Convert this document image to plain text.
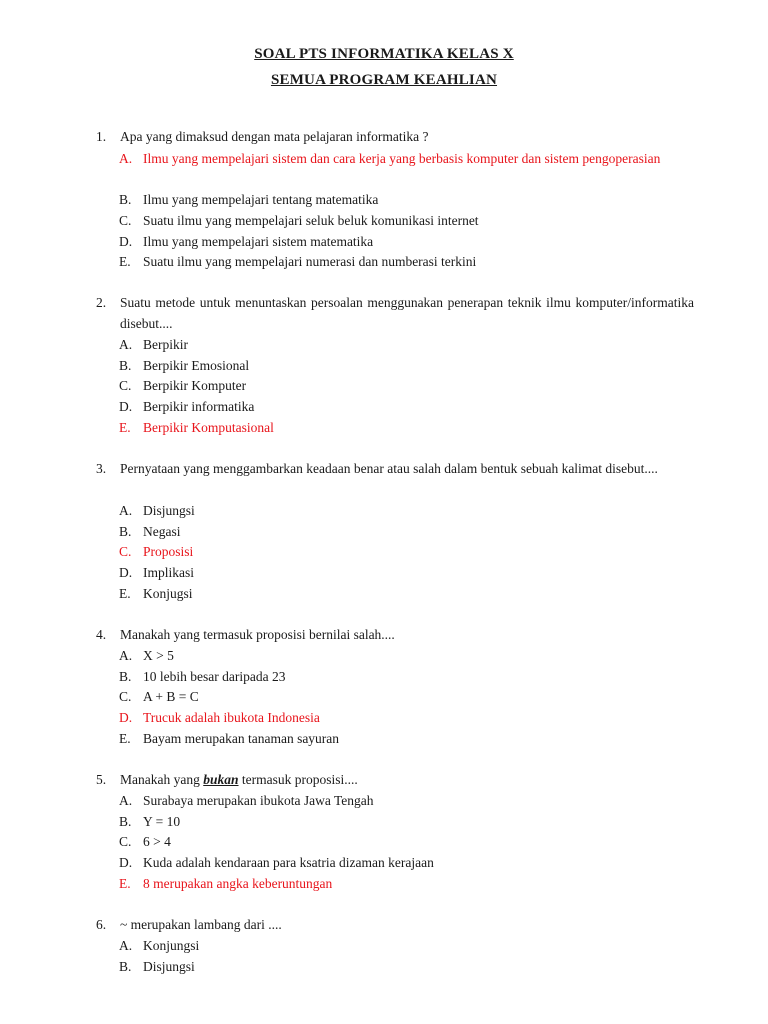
SOAL PTS INFORMATIKA KELAS X
SEMUA PROGRAM KEAHLIAN
1.	Apa yang dimaksud dengan mata pelajaran informatika ?
A. Ilmu yang mempelajari sistem dan cara kerja yang berbasis komputer dan sistem pengoperasian
B. Ilmu yang mempelajari tentang matematika
C. Suatu ilmu yang mempelajari seluk beluk komunikasi internet
D. Ilmu yang mempelajari sistem matematika
E. Suatu ilmu yang mempelajari numerasi dan numberasi terkini
2.	Suatu metode untuk menuntaskan persoalan menggunakan penerapan teknik ilmu komputer/informatika disebut....
A. Berpikir
B. Berpikir Emosional
C. Berpikir Komputer
D. Berpikir informatika
E. Berpikir Komputasional
3.	Pernyataan yang menggambarkan keadaan benar atau salah dalam bentuk sebuah kalimat disebut....
A. Disjungsi
B. Negasi
C. Proposisi
D. Implikasi
E. Konjugsi
4.	Manakah yang termasuk proposisi bernilai salah....
A. X > 5
B. 10 lebih besar daripada 23
C. A + B = C
D. Trucuk adalah ibukota Indonesia
E. Bayam merupakan tanaman sayuran
5.	Manakah yang bukan termasuk proposisi....
A. Surabaya merupakan ibukota Jawa Tengah
B. Y = 10
C. 6 > 4
D. Kuda adalah kendaraan para ksatria dizaman kerajaan
E. 8 merupakan angka keberuntungan
6.	~ merupakan lambang dari ....
A. Konjungsi
B. Disjungsi
